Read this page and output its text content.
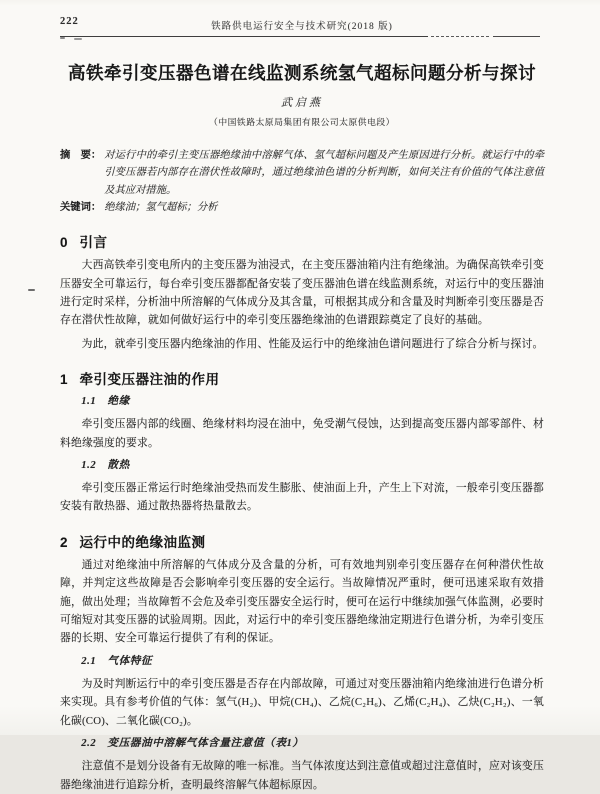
222	铁路供电运行安全与技术研究(2018 版)
高铁牵引变压器色谱在线监测系统氢气超标问题分析与探讨
武启燕
（中国铁路太原局集团有限公司太原供电段）
摘　要： 对运行中的牵引主变压器绝缘油中溶解气体、氢气超标问题及产生原因进行分析。就运行中的牵引变压器若内部存在潜伏性故障时，通过绝缘油色谱的分析判断，如何关注有价值的气体注意值及其应对措施。
关键词： 绝缘油；氢气超标；分析
0 引言

大西高铁牵引变电所内的主变压器为油浸式，在主变压器油箱内注有绝缘油。为确保高铁牵引变压器安全可靠运行，每台牵引变压器都配备安装了变压器油色谱在线监测系统，对运行中的变压器油进行定时采样，分析油中所溶解的气体成分及其含量，可根据其成分和含量及时判断牵引变压器是否存在潜伏性故障，就如何做好运行中的牵引变压器绝缘油的色谱跟踪奠定了良好的基础。

为此，就牵引变压器内绝缘油的作用、性能及运行中的绝缘油色谱问题进行了综合分析与探讨。

1 牵引变压器注油的作用
1.1　绝缘

牵引变压器内部的线圈、绝缘材料均浸在油中，免受潮气侵蚀，达到提高变压器内部零部件、材料绝缘强度的要求。

1.2　散热

牵引变压器正常运行时绝缘油受热而发生膨胀、使油面上升，产生上下对流，一般牵引变压器都安装有散热器、通过散热器将热量散去。

2 运行中的绝缘油监测

通过对绝缘油中所溶解的气体成分及含量的分析，可有效地判别牵引变压器存在何种潜伏性故障，并判定这些故障是否会影响牵引变压器的安全运行。当故障情况严重时，便可迅速采取有效措施，做出处理；当故障暂不会危及牵引变压器安全运行时，便可在运行中继续加强气体监测，必要时可缩短对其变压器的试验周期。因此，对运行中的牵引变压器绝缘油定期进行色谱分析，为牵引变压器的长期、安全可靠运行提供了有利的保证。

2.1　气体特征

为及时判断运行中的牵引变压器是否存在内部故障，可通过对变压器油箱内绝缘油进行色谱分析来实现。具有参考价值的气体：氢气(H₂)、甲烷(CH₄)、乙烷(C₂H₆)、乙烯(C₂H₄)、乙炔(C₂H₂)、一氧化碳(CO)、二氧化碳(CO₂)。

2.2　变压器油中溶解气体含量注意值（表1）

注意值不是划分设备有无故障的唯一标准。当气体浓度达到注意值或超过注意值时，应对该变压器绝缘油进行追踪分析，查明最终溶解气体超标原因。
